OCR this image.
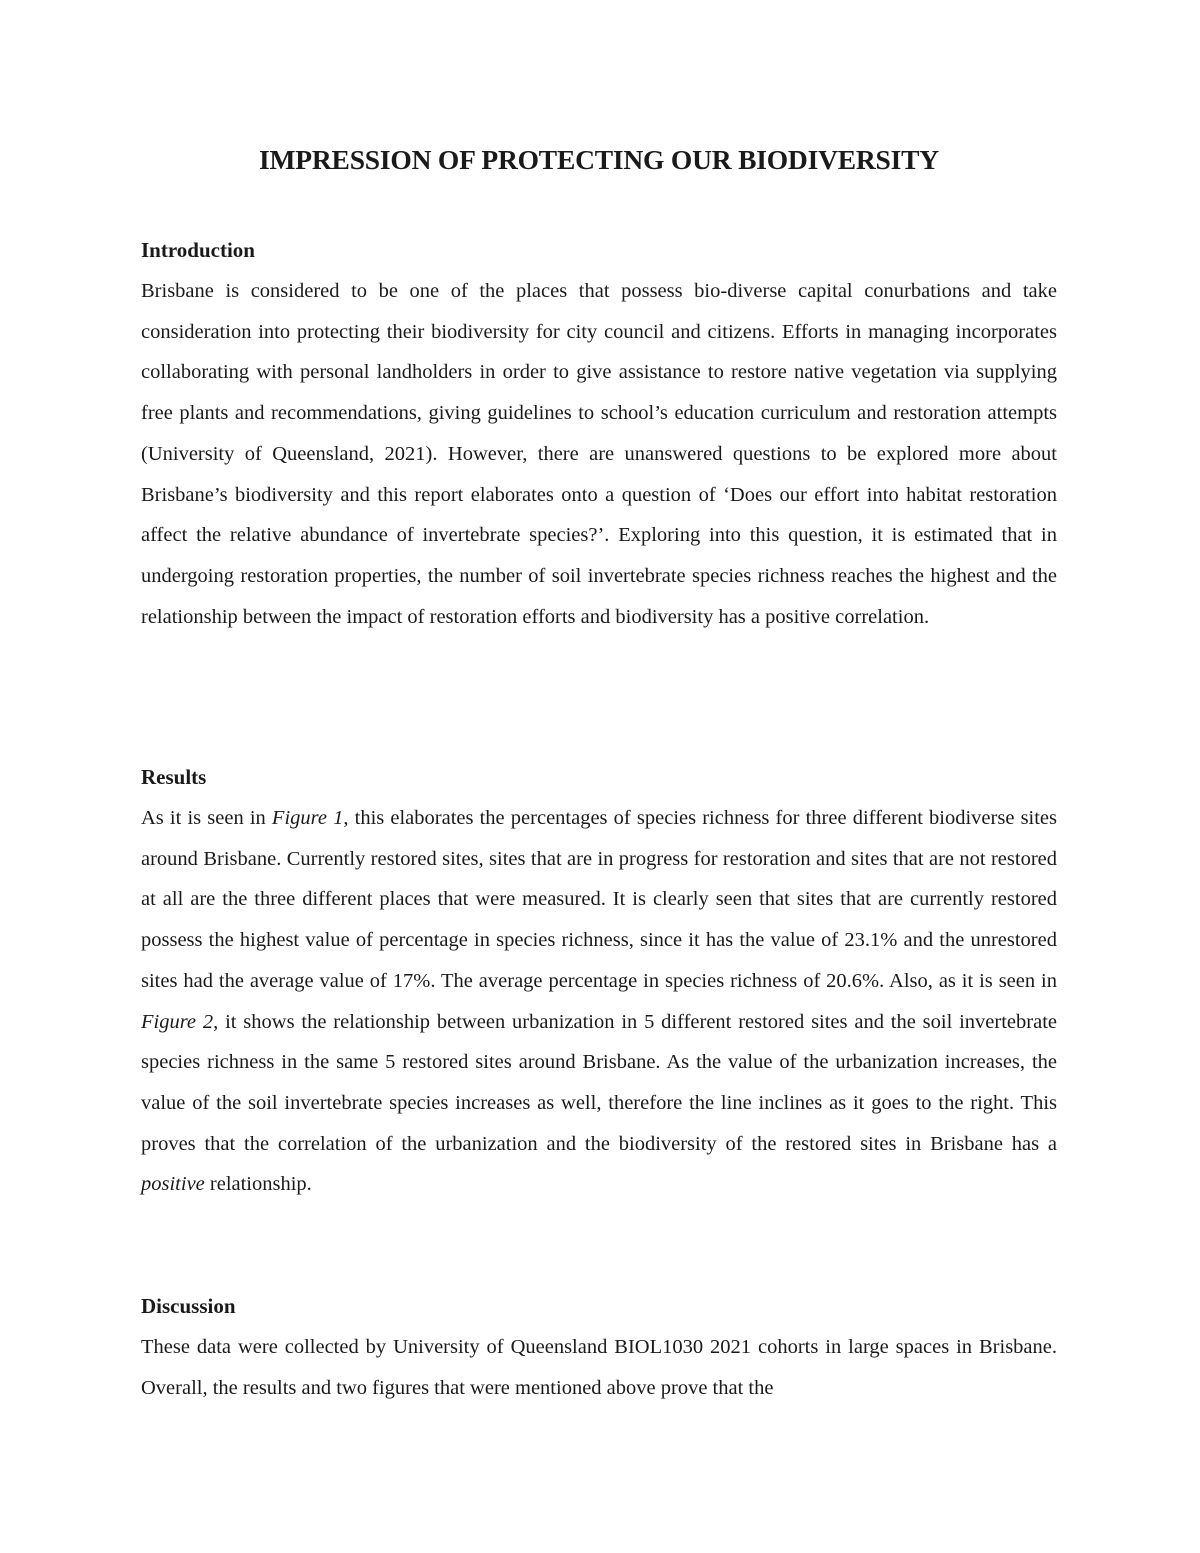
IMPRESSION OF PROTECTING OUR BIODIVERSITY
Introduction

Brisbane is considered to be one of the places that possess bio-diverse capital conurbations and take consideration into protecting their biodiversity for city council and citizens. Efforts in managing incorporates collaborating with personal landholders in order to give assistance to restore native vegetation via supplying free plants and recommendations, giving guidelines to school’s education curriculum and restoration attempts (University of Queensland, 2021). However, there are unanswered questions to be explored more about Brisbane’s biodiversity and this report elaborates onto a question of ‘Does our effort into habitat restoration affect the relative abundance of invertebrate species?’. Exploring into this question, it is estimated that in undergoing restoration properties, the number of soil invertebrate species richness reaches the highest and the relationship between the impact of restoration efforts and biodiversity has a positive correlation.

Results

As it is seen in Figure 1, this elaborates the percentages of species richness for three different biodiverse sites around Brisbane. Currently restored sites, sites that are in progress for restoration and sites that are not restored at all are the three different places that were measured. It is clearly seen that sites that are currently restored possess the highest value of percentage in species richness, since it has the value of 23.1% and the unrestored sites had the average value of 17%. The average percentage in species richness of 20.6%. Also, as it is seen in Figure 2, it shows the relationship between urbanization in 5 different restored sites and the soil invertebrate species richness in the same 5 restored sites around Brisbane. As the value of the urbanization increases, the value of the soil invertebrate species increases as well, therefore the line inclines as it goes to the right. This proves that the correlation of the urbanization and the biodiversity of the restored sites in Brisbane has a positive relationship.

Discussion

These data were collected by University of Queensland BIOL1030 2021 cohorts in large spaces in Brisbane. Overall, the results and two figures that were mentioned above prove that the
